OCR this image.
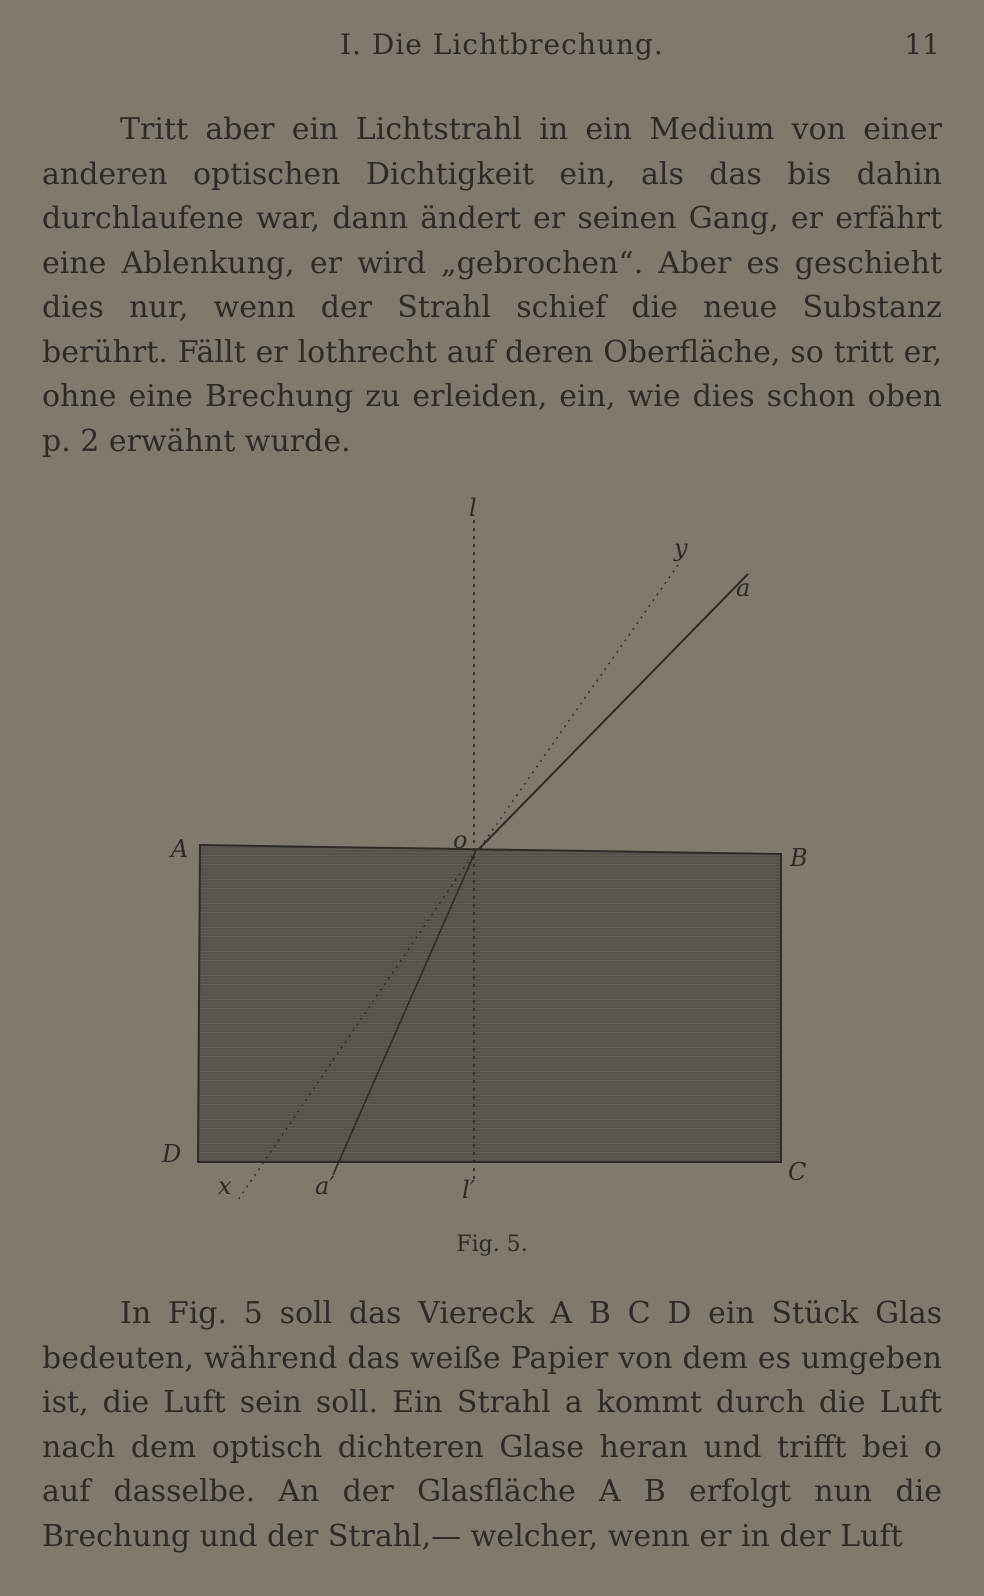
I. Die Lichtbrechung.	11

Tritt aber ein Lichtstrahl in ein Medium von einer anderen optischen Dichtigkeit ein, als das bis dahin durchlaufene war, dann ändert er seinen Gang, er erfährt eine Ablenkung, er wird „gebrochen“. Aber es geschieht dies nur, wenn der Strahl schief die neue Substanz berührt. Fällt er lothrecht auf deren Oberfläche, so tritt er, ohne eine Brechung zu erleiden, ein, wie dies schon oben p. 2 erwähnt wurde.

l
y
a
o
A	B
C
D
x	a′	l′
Fig. 5.

In Fig. 5 soll das Viereck A B C D ein Stück Glas bedeuten, während das weiße Papier von dem es umgeben ist, die Luft sein soll. Ein Strahl a kommt durch die Luft nach dem optisch dichteren Glase heran und trifft bei o auf dasselbe. An der Glasfläche A B erfolgt nun die Brechung und der Strahl,— welcher, wenn er in der Luft
